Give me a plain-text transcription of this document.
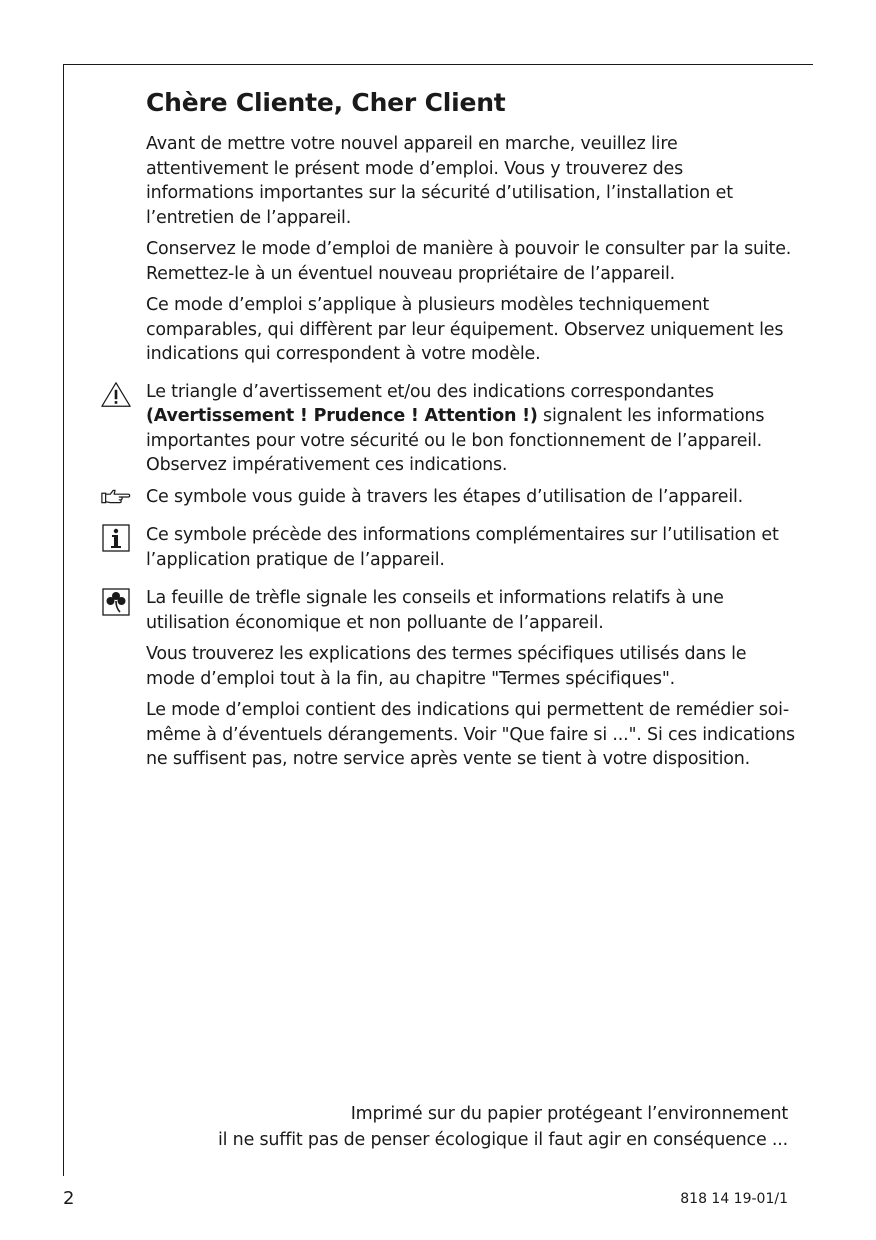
Chère Cliente, Cher Client

Avant de mettre votre nouvel appareil en marche, veuillez lire attentivement le présent mode d’emploi. Vous y trouverez des informations importantes sur la sécurité d’utilisation, l’installation et l’entretien de l’appareil.

Conservez le mode d’emploi de manière à pouvoir le consulter par la suite. Remettez-le à un éventuel nouveau propriétaire de l’appareil.

Ce mode d’emploi s’applique à plusieurs modèles techniquement comparables, qui diffèrent par leur équipement. Observez uniquement les indications qui correspondent à votre modèle.

Le triangle d’avertissement et/ou des indications correspondantes (Avertissement ! Prudence ! Attention !) signalent les informations importantes pour votre sécurité ou le bon fonctionnement de l’appareil. Observez impérativement ces indications.

Ce symbole vous guide à travers les étapes d’utilisation de l’appareil.

Ce symbole précède des informations complémentaires sur l’utilisation et l’application pratique de l’appareil.

La feuille de trèfle signale les conseils et informations relatifs à une utilisation économique et non polluante de l’appareil.

Vous trouverez les explications des termes spécifiques utilisés dans le mode d’emploi tout à la fin, au chapitre "Termes spécifiques".

Le mode d’emploi contient des indications qui permettent de remédier soi-même à d’éventuels dérangements. Voir "Que faire si ...". Si ces indications ne suffisent pas, notre service après vente se tient à votre disposition.

Imprimé sur du papier protégeant l’environnement
il ne suffit pas de penser écologique il faut agir en conséquence ...
2	818 14 19-01/1
